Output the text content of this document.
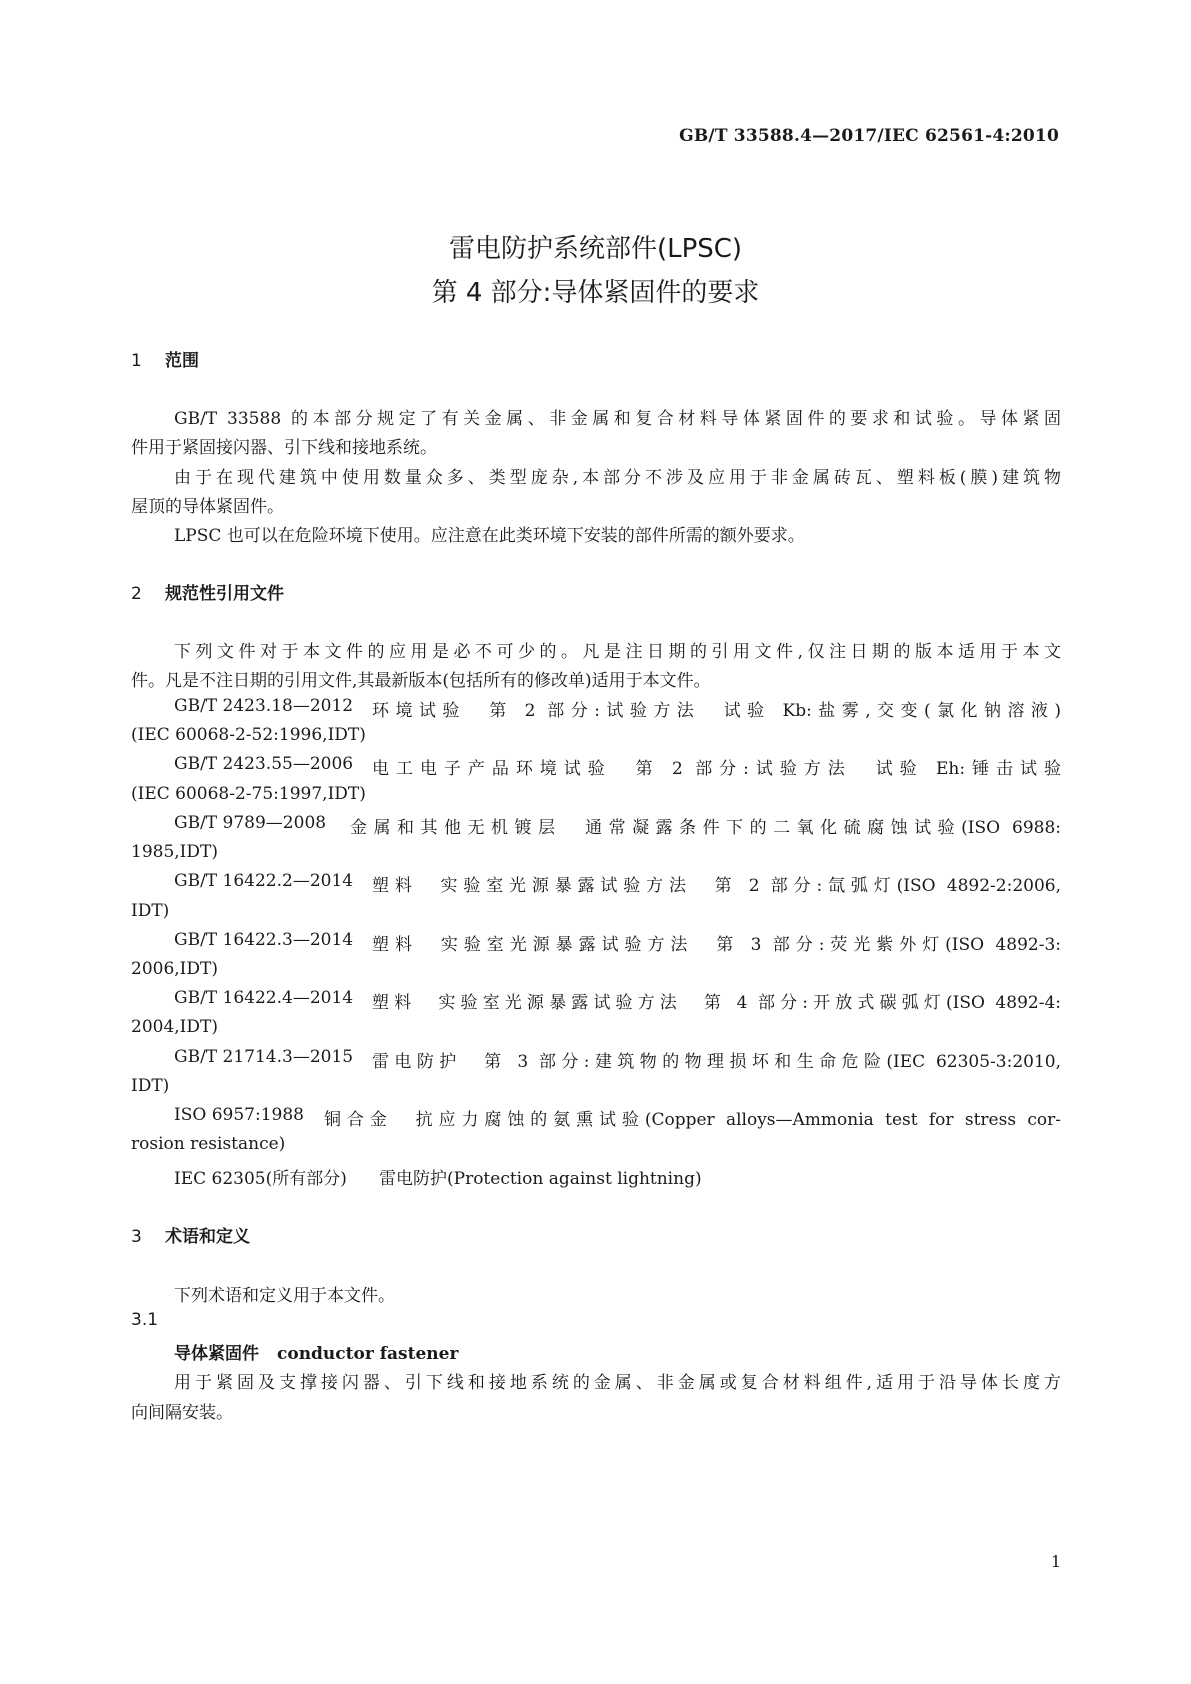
GB/T 33588.4—2017/IEC 62561-4:2010
雷电防护系统部件(LPSC)
第 4 部分:导体紧固件的要求
1 范围
GB/T 33588 的本部分规定了有关金属、非金属和复合材料导体紧固件的要求和试验。导体紧固
件用于紧固接闪器、引下线和接地系统。
由于在现代建筑中使用数量众多、类型庞杂,本部分不涉及应用于非金属砖瓦、塑料板(膜)建筑物
屋顶的导体紧固件。
LPSC 也可以在危险环境下使用。应注意在此类环境下安装的部件所需的额外要求。
2 规范性引用文件
下列文件对于本文件的应用是必不可少的。凡是注日期的引用文件,仅注日期的版本适用于本文
件。凡是不注日期的引用文件,其最新版本(包括所有的修改单)适用于本文件。
GB/T 2423.18—2012	环境试验　第 2 部分:试验方法　试验 Kb:盐雾,交变(氯化钠溶液)
(IEC 60068-2-52:1996,IDT)
GB/T 2423.55—2006	电工电子产品环境试验　第 2 部分:试验方法　试验 Eh:锤击试验
(IEC 60068-2-75:1997,IDT)
GB/T 9789—2008	金属和其他无机镀层　通常凝露条件下的二氧化硫腐蚀试验(ISO 6988:
1985,IDT)
GB/T 16422.2—2014	塑料　实验室光源暴露试验方法　第 2 部分:氙弧灯(ISO 4892-2:2006,
IDT)
GB/T 16422.3—2014	塑料　实验室光源暴露试验方法　第 3 部分:荧光紫外灯(ISO 4892-3:
2006,IDT)
GB/T 16422.4—2014	塑料　实验室光源暴露试验方法　第 4 部分:开放式碳弧灯(ISO 4892-4:
2004,IDT)
GB/T 21714.3—2015	雷电防护　第 3 部分:建筑物的物理损坏和生命危险(IEC 62305-3:2010,
IDT)
ISO 6957:1988	铜合金　抗应力腐蚀的氨熏试验(Copper alloys—Ammonia test for stress cor-
rosion resistance)
IEC 62305(所有部分)	雷电防护(Protection against lightning)
3 术语和定义
下列术语和定义用于本文件。
3.1
导体紧固件 conductor fastener
用于紧固及支撑接闪器、引下线和接地系统的金属、非金属或复合材料组件,适用于沿导体长度方
向间隔安装。
1
